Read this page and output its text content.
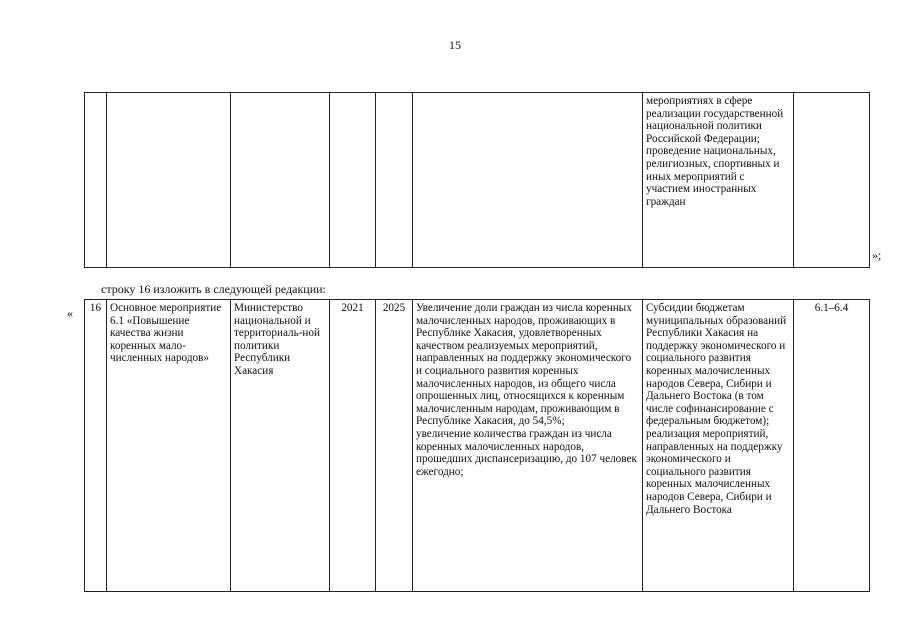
15
						мероприятиях в сфере реализации государственной национальной политики Российской Федерации; проведение национальных, религиозных, спортивных и иных мероприятий с участием иностранных граждан	
»;
строку 16 изложить в следующей редакции:
« 16	Основное мероприятие 6.1 «Повышение качества жизни коренных мало-численных народов»	Министерство национальной и территориаль-ной политики Республики Хакасия	2021	2025	Увеличение доли граждан из числа коренных малочисленных народов, проживающих в Республике Хакасия, удовлетворенных качеством реализуемых мероприятий, направленных на поддержку экономического и социального развития коренных малочисленных народов, из общего числа опрошенных лиц, относящихся к коренным малочисленным народам, проживающим в Республике Хакасия, до 54,5%;
увеличение количества граждан из числа коренных малочисленных народов, прошедших диспансеризацию, до 107 человек ежегодно;	Субсидии бюджетам муниципальных образований Республики Хакасия на поддержку экономического и социального развития коренных малочисленных народов Севера, Сибири и Дальнего Востока (в том числе софинансирование с федеральным бюджетом);
реализация мероприятий, направленных на поддержку экономического и социального развития коренных малочисленных народов Севера, Сибири и Дальнего Востока	6.1–6.4
